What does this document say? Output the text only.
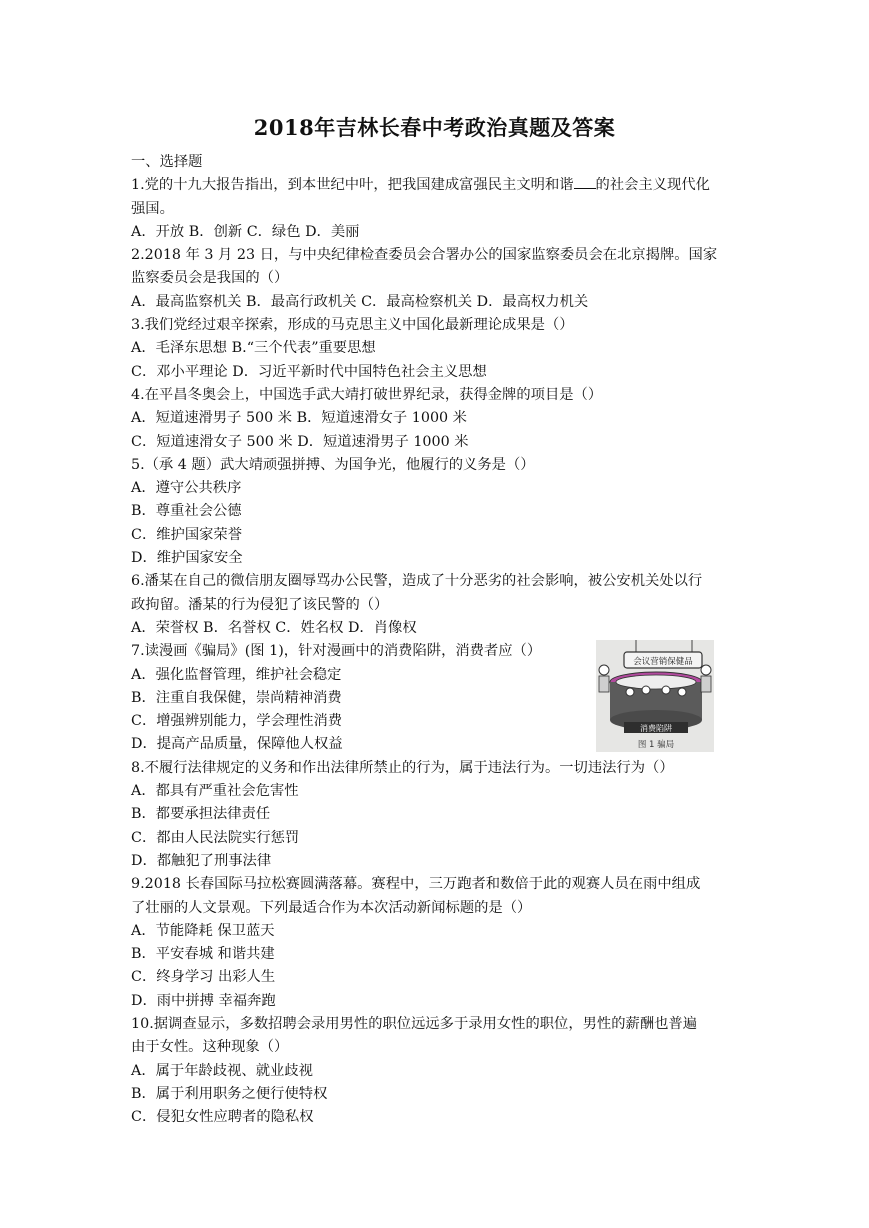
2018年吉林长春中考政治真题及答案
一、选择题
1.党的十九大报告指出，到本世纪中叶，把我国建成富强民主文明和谐 的社会主义现代化
强国。
A．开放 B．创新 C．绿色 D．美丽
2.2018 年 3 月 23 日，与中央纪律检查委员会合署办公的国家监察委员会在北京揭牌。国家
监察委员会是我国的（）
A．最高监察机关 B．最高行政机关 C．最高检察机关 D．最高权力机关
3.我们党经过艰辛探索，形成的马克思主义中国化最新理论成果是（）
A．毛泽东思想 B.“三个代表”重要思想
C．邓小平理论 D．习近平新时代中国特色社会主义思想
4.在平昌冬奥会上，中国选手武大靖打破世界纪录，获得金牌的项目是（）
A．短道速滑男子 500 米 B．短道速滑女子 1000 米
C．短道速滑女子 500 米 D．短道速滑男子 1000 米
5.（承 4 题）武大靖顽强拼搏、为国争光，他履行的义务是（）
A．遵守公共秩序
B．尊重社会公德
C．维护国家荣誉
D．维护国家安全
6.潘某在自己的微信朋友圈辱骂办公民警，造成了十分恶劣的社会影响，被公安机关处以行
政拘留。潘某的行为侵犯了该民警的（）
A．荣誉权 B．名誉权 C．姓名权 D．肖像权
7.读漫画《骗局》(图 1)，针对漫画中的消费陷阱，消费者应（）
A．强化监督管理，维护社会稳定
B．注重自我保健，崇尚精神消费
C．增强辨别能力，学会理性消费
D．提高产品质量，保障他人权益
8.不履行法律规定的义务和作出法律所禁止的行为，属于违法行为。一切违法行为（）
A．都具有严重社会危害性
B．都要承担法律责任
C．都由人民法院实行惩罚
D．都触犯了刑事法律
9.2018 长春国际马拉松赛圆满落幕。赛程中，三万跑者和数倍于此的观赛人员在雨中组成
了壮丽的人文景观。下列最适合作为本次活动新闻标题的是（）
A．节能降耗 保卫蓝天
B．平安春城 和谐共建
C．终身学习 出彩人生
D．雨中拼搏 幸福奔跑
10.据调查显示，多数招聘会录用男性的职位远远多于录用女性的职位，男性的薪酬也普遍
由于女性。这种现象（）
A．属于年龄歧视、就业歧视
B．属于利用职务之便行使特权
C．侵犯女性应聘者的隐私权
会议营销保健品
消费陷阱
图 1 骗局
